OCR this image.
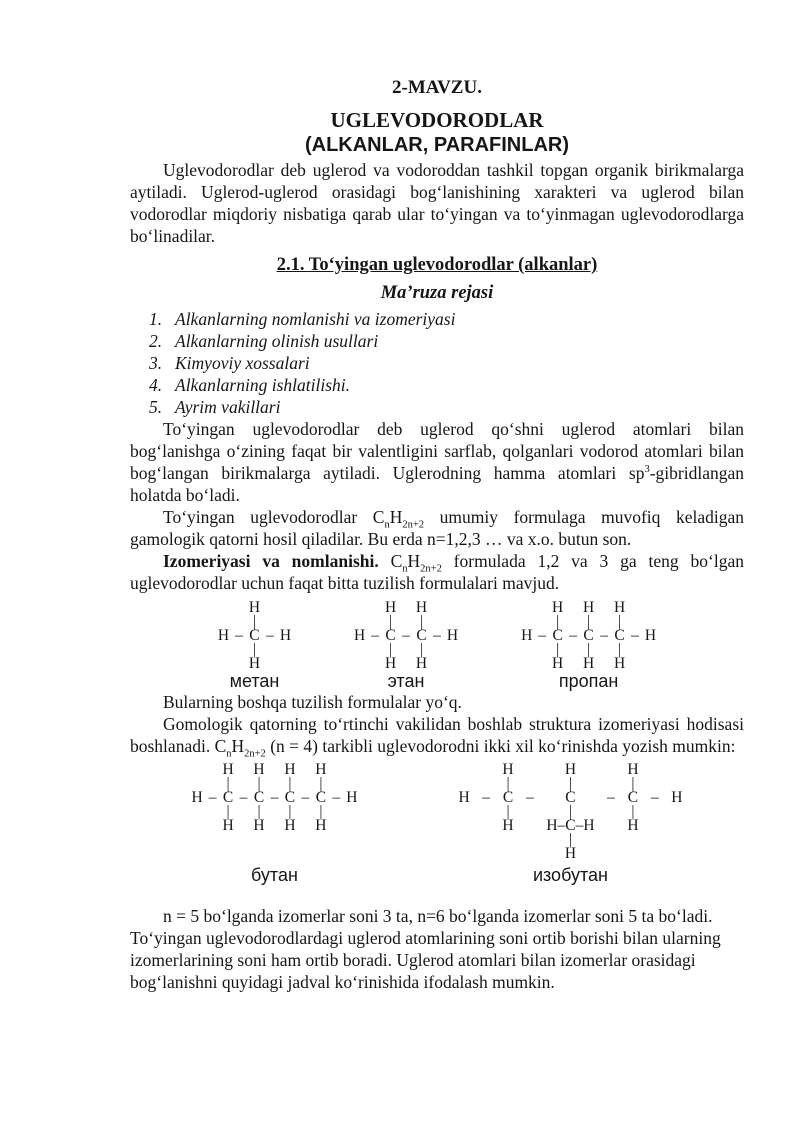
2-MAVZU.
UGLEVODORODLAR
(ALKANLAR, PARAFINLAR)

Uglevodorodlar deb uglerod va vodoroddan tashkil topgan organik birikmalarga aytiladi. Uglerod-uglerod orasidagi bog‘lanishining xarakteri va uglerod bilan vodorodlar miqdoriy nisbatiga qarab ular to‘yingan va to‘yinmagan uglevodorodlarga bo‘linadilar.

2.1. To‘yingan uglevodorodlar (alkanlar)
Ma’ruza rejasi
1. Alkanlarning nomlanishi va izomeriyasi
2. Alkanlarning olinish usullari
3. Kimyoviy xossalari
4. Alkanlarning ishlatilishi.
5. Ayrim vakillari

To‘yingan uglevodorodlar deb uglerod qo‘shni uglerod atomlari bilan bog‘lanishga o‘zining faqat bir valentligini sarflab, qolganlari vodorod atomlari bilan bog‘langan birikmalarga aytiladi. Uglerodning hamma atomlari $sp^3$-gibridlangan holatda bo‘ladi.

To‘yingan uglevodorodlar $C_nH_{2n+2}$ umumiy formulaga muvofiq keladigan gamologik qatorni hosil qiladilar. Bu erda n=1,2,3 … va x.o. butun son.

Izomeriyasi va nomlanishi. $C_nH_{2n+2}$ formulada 1,2 va 3 ga teng bo‘lgan uglevodorodlar uchun faqat bitta tuzilish formulalari mavjud.

H

–

H
|
C
|
H

–

H

метан

H

–

H
|
C
|
H

–

H
|
C
|
H

–

H

этан

H

–

H
|
C
|
H

–

H
|
C
|
H

–

H
|
C
|
H

–

H

пропан

Bularning boshqa tuzilish formulalar yo‘q.

Gomologik qatorning to‘rtinchi vakilidan boshlab struktura izomeriyasi hodisasi boshlanadi. $C_nH_{2n+2}$ (n = 4) tarkibli uglevodorodni ikki xil ko‘rinishda yozish mumkin:

H

–

H
|
C
|
H

–

H
|
C
|
H

–

H
|
C
|
H

–

H
|
C
|
H

–

H

бутан

H

–

H
|
C
|
H

–

H
|
C
|
H–C–H
|
H

–

H
|
C
|
H

–

H

изобутан

n = 5 bo‘lganda izomerlar soni 3 ta, n=6 bo‘lganda izomerlar soni 5 ta bo‘ladi. To‘yingan uglevodorodlardagi uglerod atomlarining soni ortib borishi bilan ularning izomerlarining soni ham ortib boradi. Uglerod atomlari bilan izomerlar orasidagi bog‘lanishni quyidagi jadval ko‘rinishida ifodalash mumkin.
